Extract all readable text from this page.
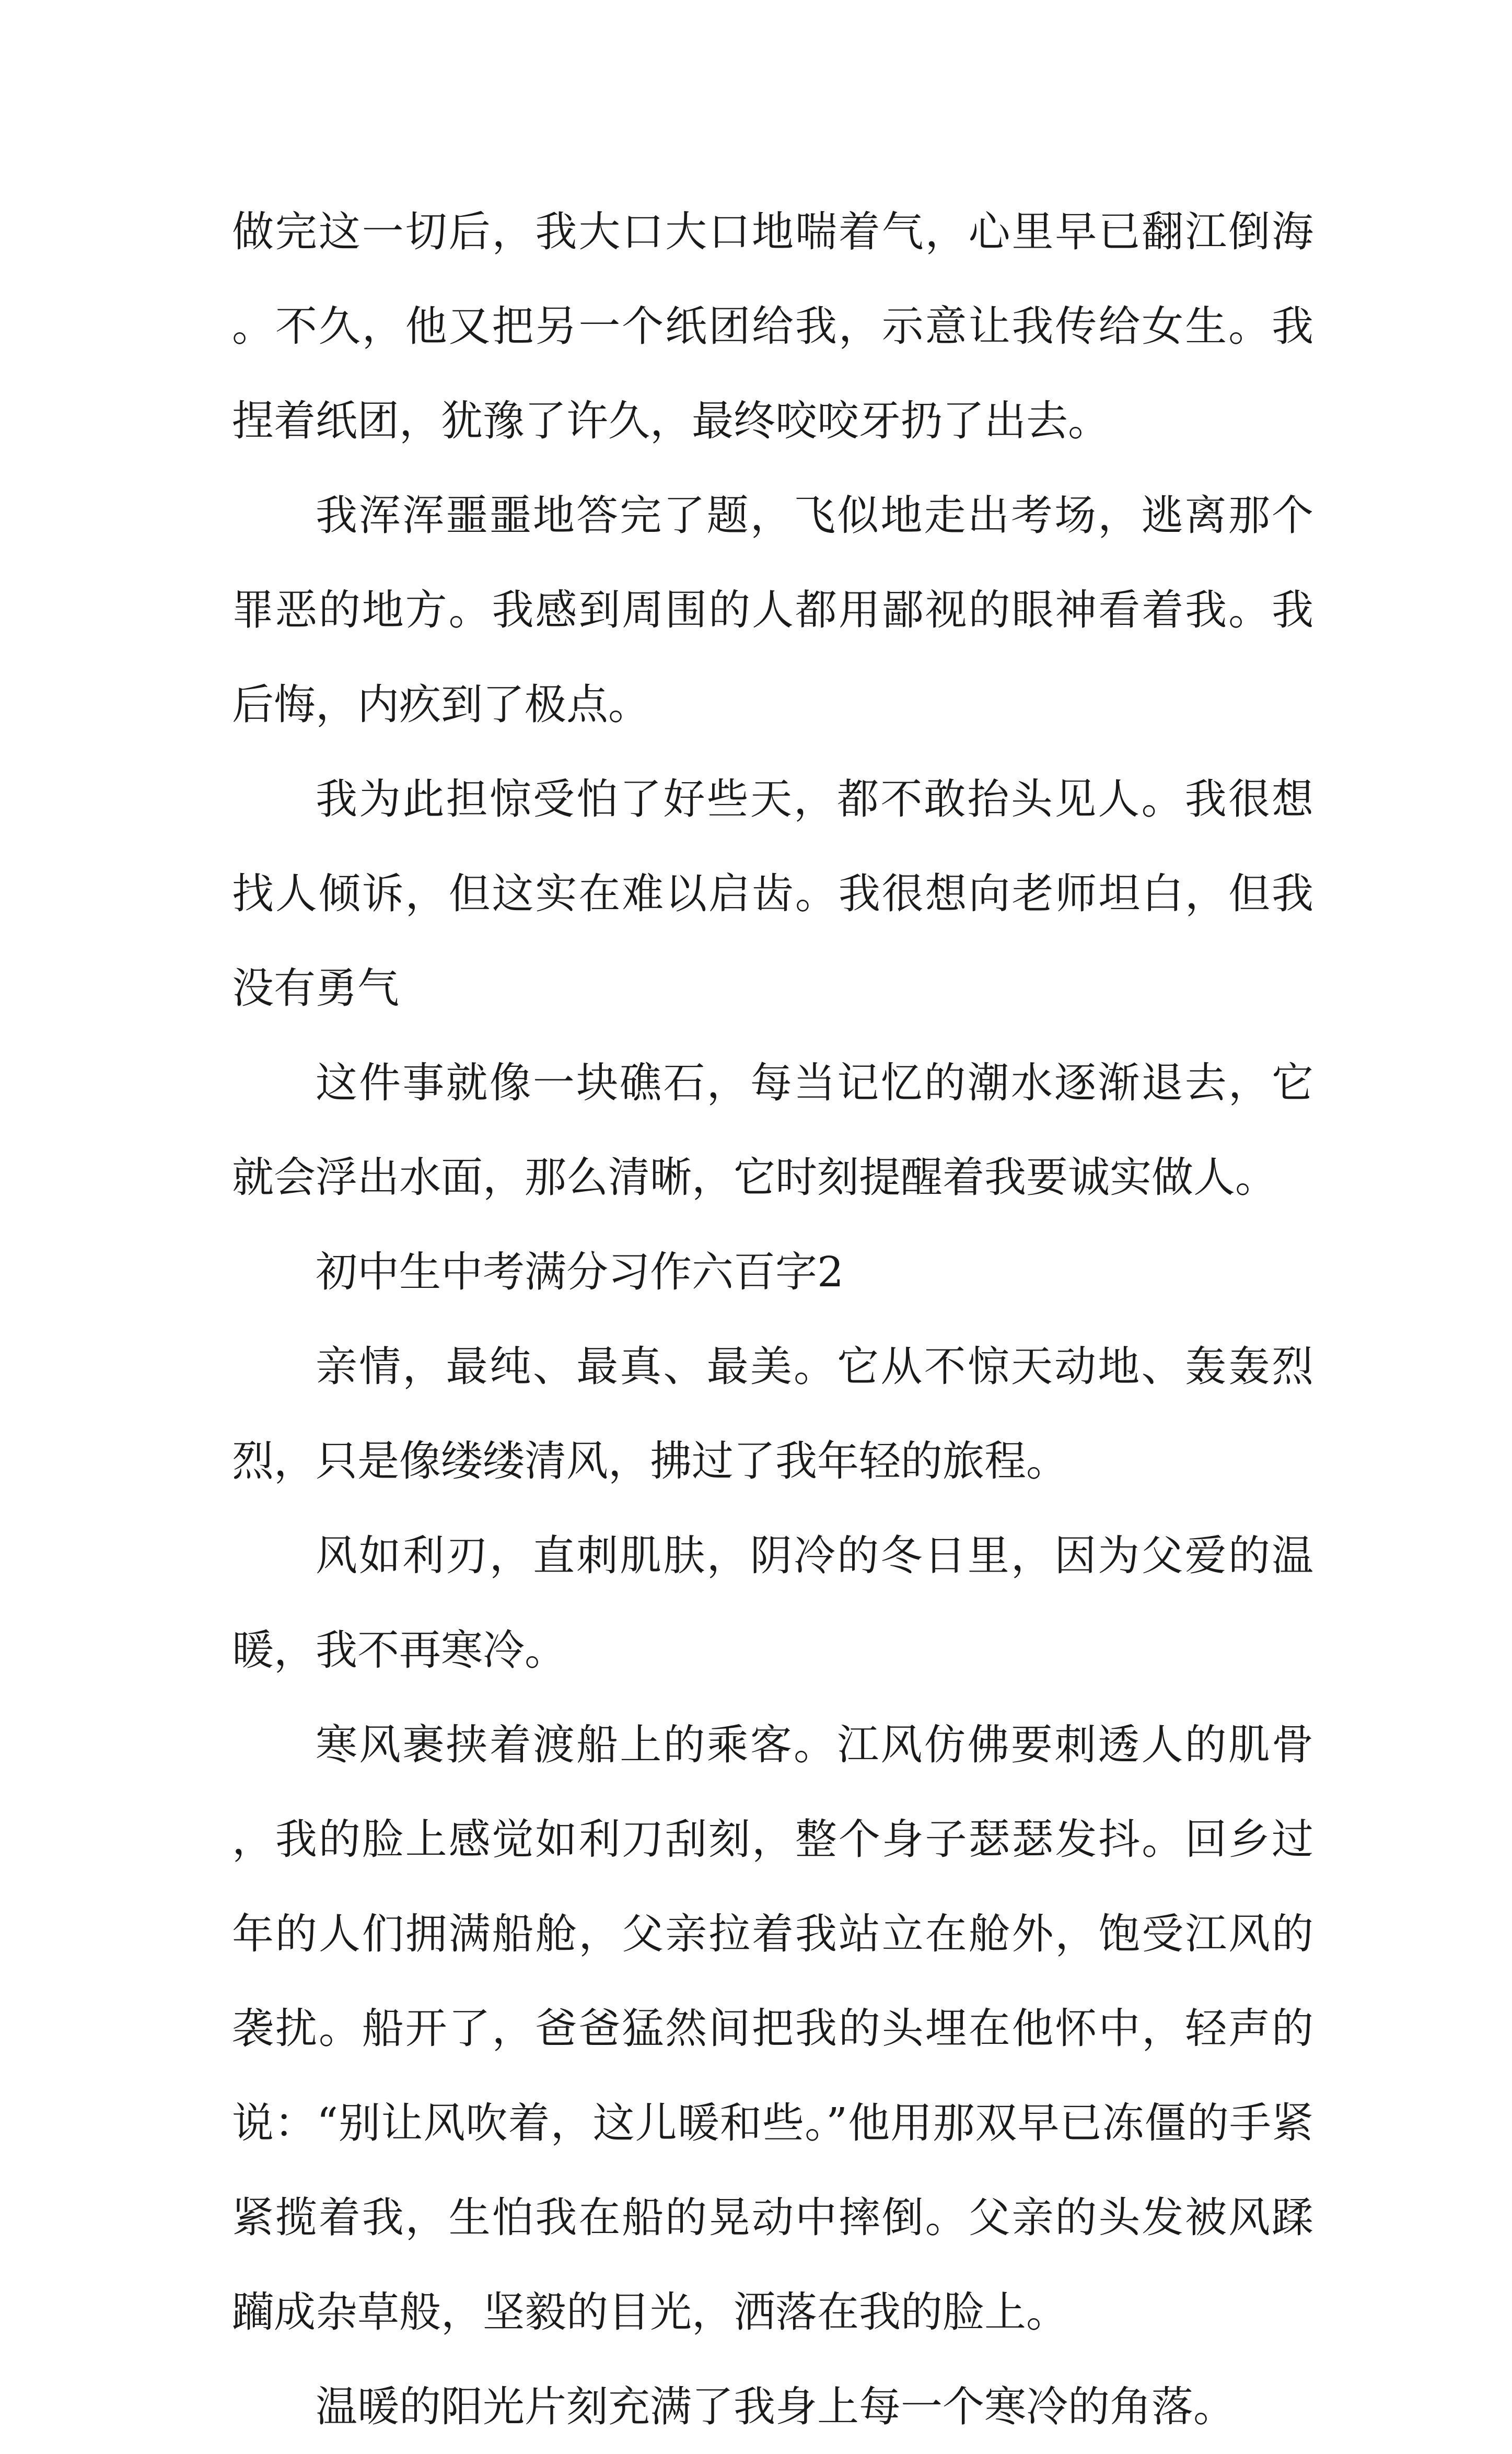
做完这一切后，我大口大口地喘着气，心里早已翻江倒海。不久，他又把另一个纸团给我，示意让我传给女生。我捏着纸团，犹豫了许久，最终咬咬牙扔了出去。

我浑浑噩噩地答完了题，飞似地走出考场，逃离那个罪恶的地方。我感到周围的人都用鄙视的眼神看着我。我后悔，内疚到了极点。

我为此担惊受怕了好些天，都不敢抬头见人。我很想找人倾诉，但这实在难以启齿。我很想向老师坦白，但我没有勇气

这件事就像一块礁石，每当记忆的潮水逐渐退去，它就会浮出水面，那么清晰，它时刻提醒着我要诚实做人。

初中生中考满分习作六百字2

亲情，最纯、最真、最美。它从不惊天动地、轰轰烈烈，只是像缕缕清风，拂过了我年轻的旅程。

风如利刃，直刺肌肤，阴冷的冬日里，因为父爱的温暖，我不再寒冷。

寒风裹挟着渡船上的乘客。江风仿佛要刺透人的肌骨，我的脸上感觉如利刀刮刻，整个身子瑟瑟发抖。回乡过年的人们拥满船舱，父亲拉着我站立在舱外，饱受江风的袭扰。船开了，爸爸猛然间把我的头埋在他怀中，轻声的说：“别让风吹着，这儿暖和些。”他用那双早已冻僵的手紧紧揽着我，生怕我在船的晃动中摔倒。父亲的头发被风蹂躏成杂草般，坚毅的目光，洒落在我的脸上。

温暖的阳光片刻充满了我身上每一个寒冷的角落。
